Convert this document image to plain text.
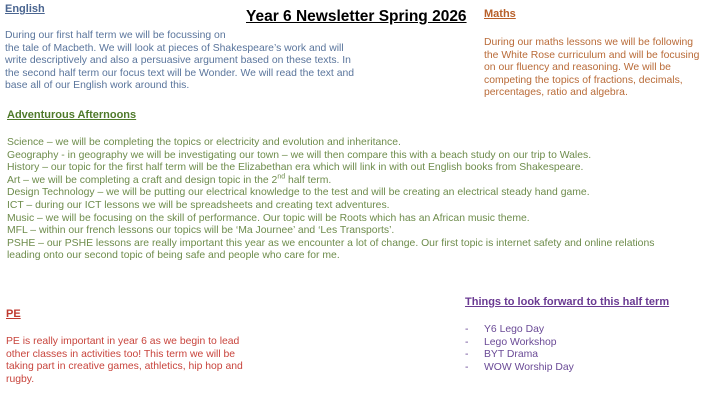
Year 6 Newsletter Spring 2026
English
During our first half term we will be focussing on
the tale of Macbeth. We will look at pieces of Shakespeare’s work and will
write descriptively and also a persuasive argument based on these texts. In
the second half term our focus text will be Wonder. We will read the text and
base all of our English work around this.
Maths
During our maths lessons we will be following
the White Rose curriculum and will be focusing
on our fluency and reasoning. We will be
competing the topics of fractions, decimals,
percentages, ratio and algebra.
Adventurous Afternoons
Science – we will be completing the topics or electricity and evolution and inheritance.
Geography - in geography we will be investigating our town – we will then compare this with a beach study on our trip to Wales.
History – our topic for the first half term will be the Elizabethan era which will link in with out English books from Shakespeare.
Art – we will be completing a craft and design topic in the 2nd half term.
Design Technology – we will be putting our electrical knowledge to the test and will be creating an electrical steady hand game.
ICT – during our ICT lessons we will be spreadsheets and creating text adventures.
Music – we will be focusing on the skill of performance. Our topic will be Roots which has an African music theme.
MFL – within our french lessons our topics will be ‘Ma Journee’ and ‘Les Transports’.
PSHE – our PSHE lessons are really important this year as we encounter a lot of change. Our first topic is internet safety and online relations
leading onto our second topic of being safe and people who care for me.
PE
PE is really important in year 6 as we begin to lead
other classes in activities too! This term we will be
taking part in creative games, athletics, hip hop and
rugby.
Things to look forward to this half term
-	Y6 Lego Day
-	Lego Workshop
-	BYT Drama
-	WOW Worship Day
